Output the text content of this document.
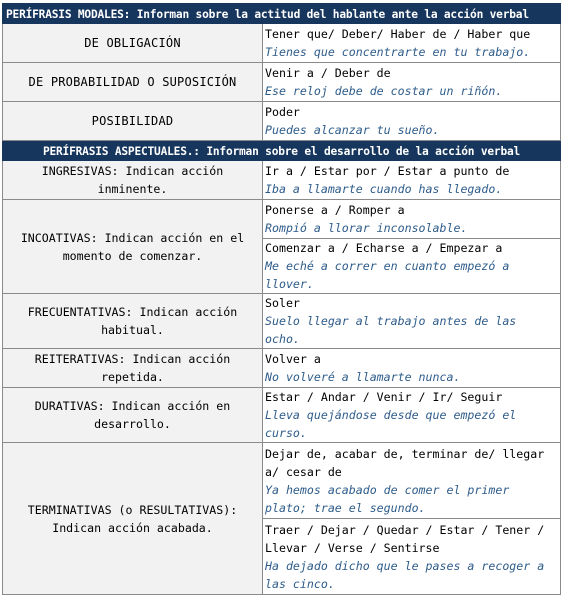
PERÍFRASIS MODALES: Informan sobre la actitud del hablante ante la acción verbal	
DE OBLIGACIÓN	Tener que/ Deber/ Haber de / Haber que
Tienes que concentrarte en tu trabajo.

DE PROBABILIDAD O SUPOSICIÓN	Venir a / Deber de
Ese reloj debe de costar un riñón.

POSIBILIDAD	Poder
Puedes alcanzar tu sueño.

PERÍFRASIS ASPECTUALES.: Informan sobre el desarrollo de la acción verbal	
INGRESIVAS: Indican acción inminente.	Ir a / Estar por / Estar a punto de
Iba a llamarte cuando has llegado.

INCOATIVAS: Indican acción en el momento de comenzar.	Ponerse a / Romper a
Rompió a llorar inconsolable.

	Comenzar a / Echarse a / Empezar a
Me eché a correr en cuanto empezó a llover.

FRECUENTATIVAS: Indican acción habitual.	Soler
Suelo llegar al trabajo antes de las ocho.

REITERATIVAS: Indican acción repetida.	Volver a
No volveré a llamarte nunca.

DURATIVAS: Indican acción en desarrollo.	Estar / Andar / Venir / Ir/ Seguir
Lleva quejándose desde que empezó el curso.

TERMINATIVAS (o RESULTATIVAS): Indican acción acabada.	Dejar de, acabar de, terminar de/ llegar a/ cesar de
Ya hemos acabado de comer el primer plato; trae el segundo.

	Traer / Dejar / Quedar / Estar / Tener / Llevar / Verse / Sentirse
Ha dejado dicho que le pases a recoger a las cinco.
